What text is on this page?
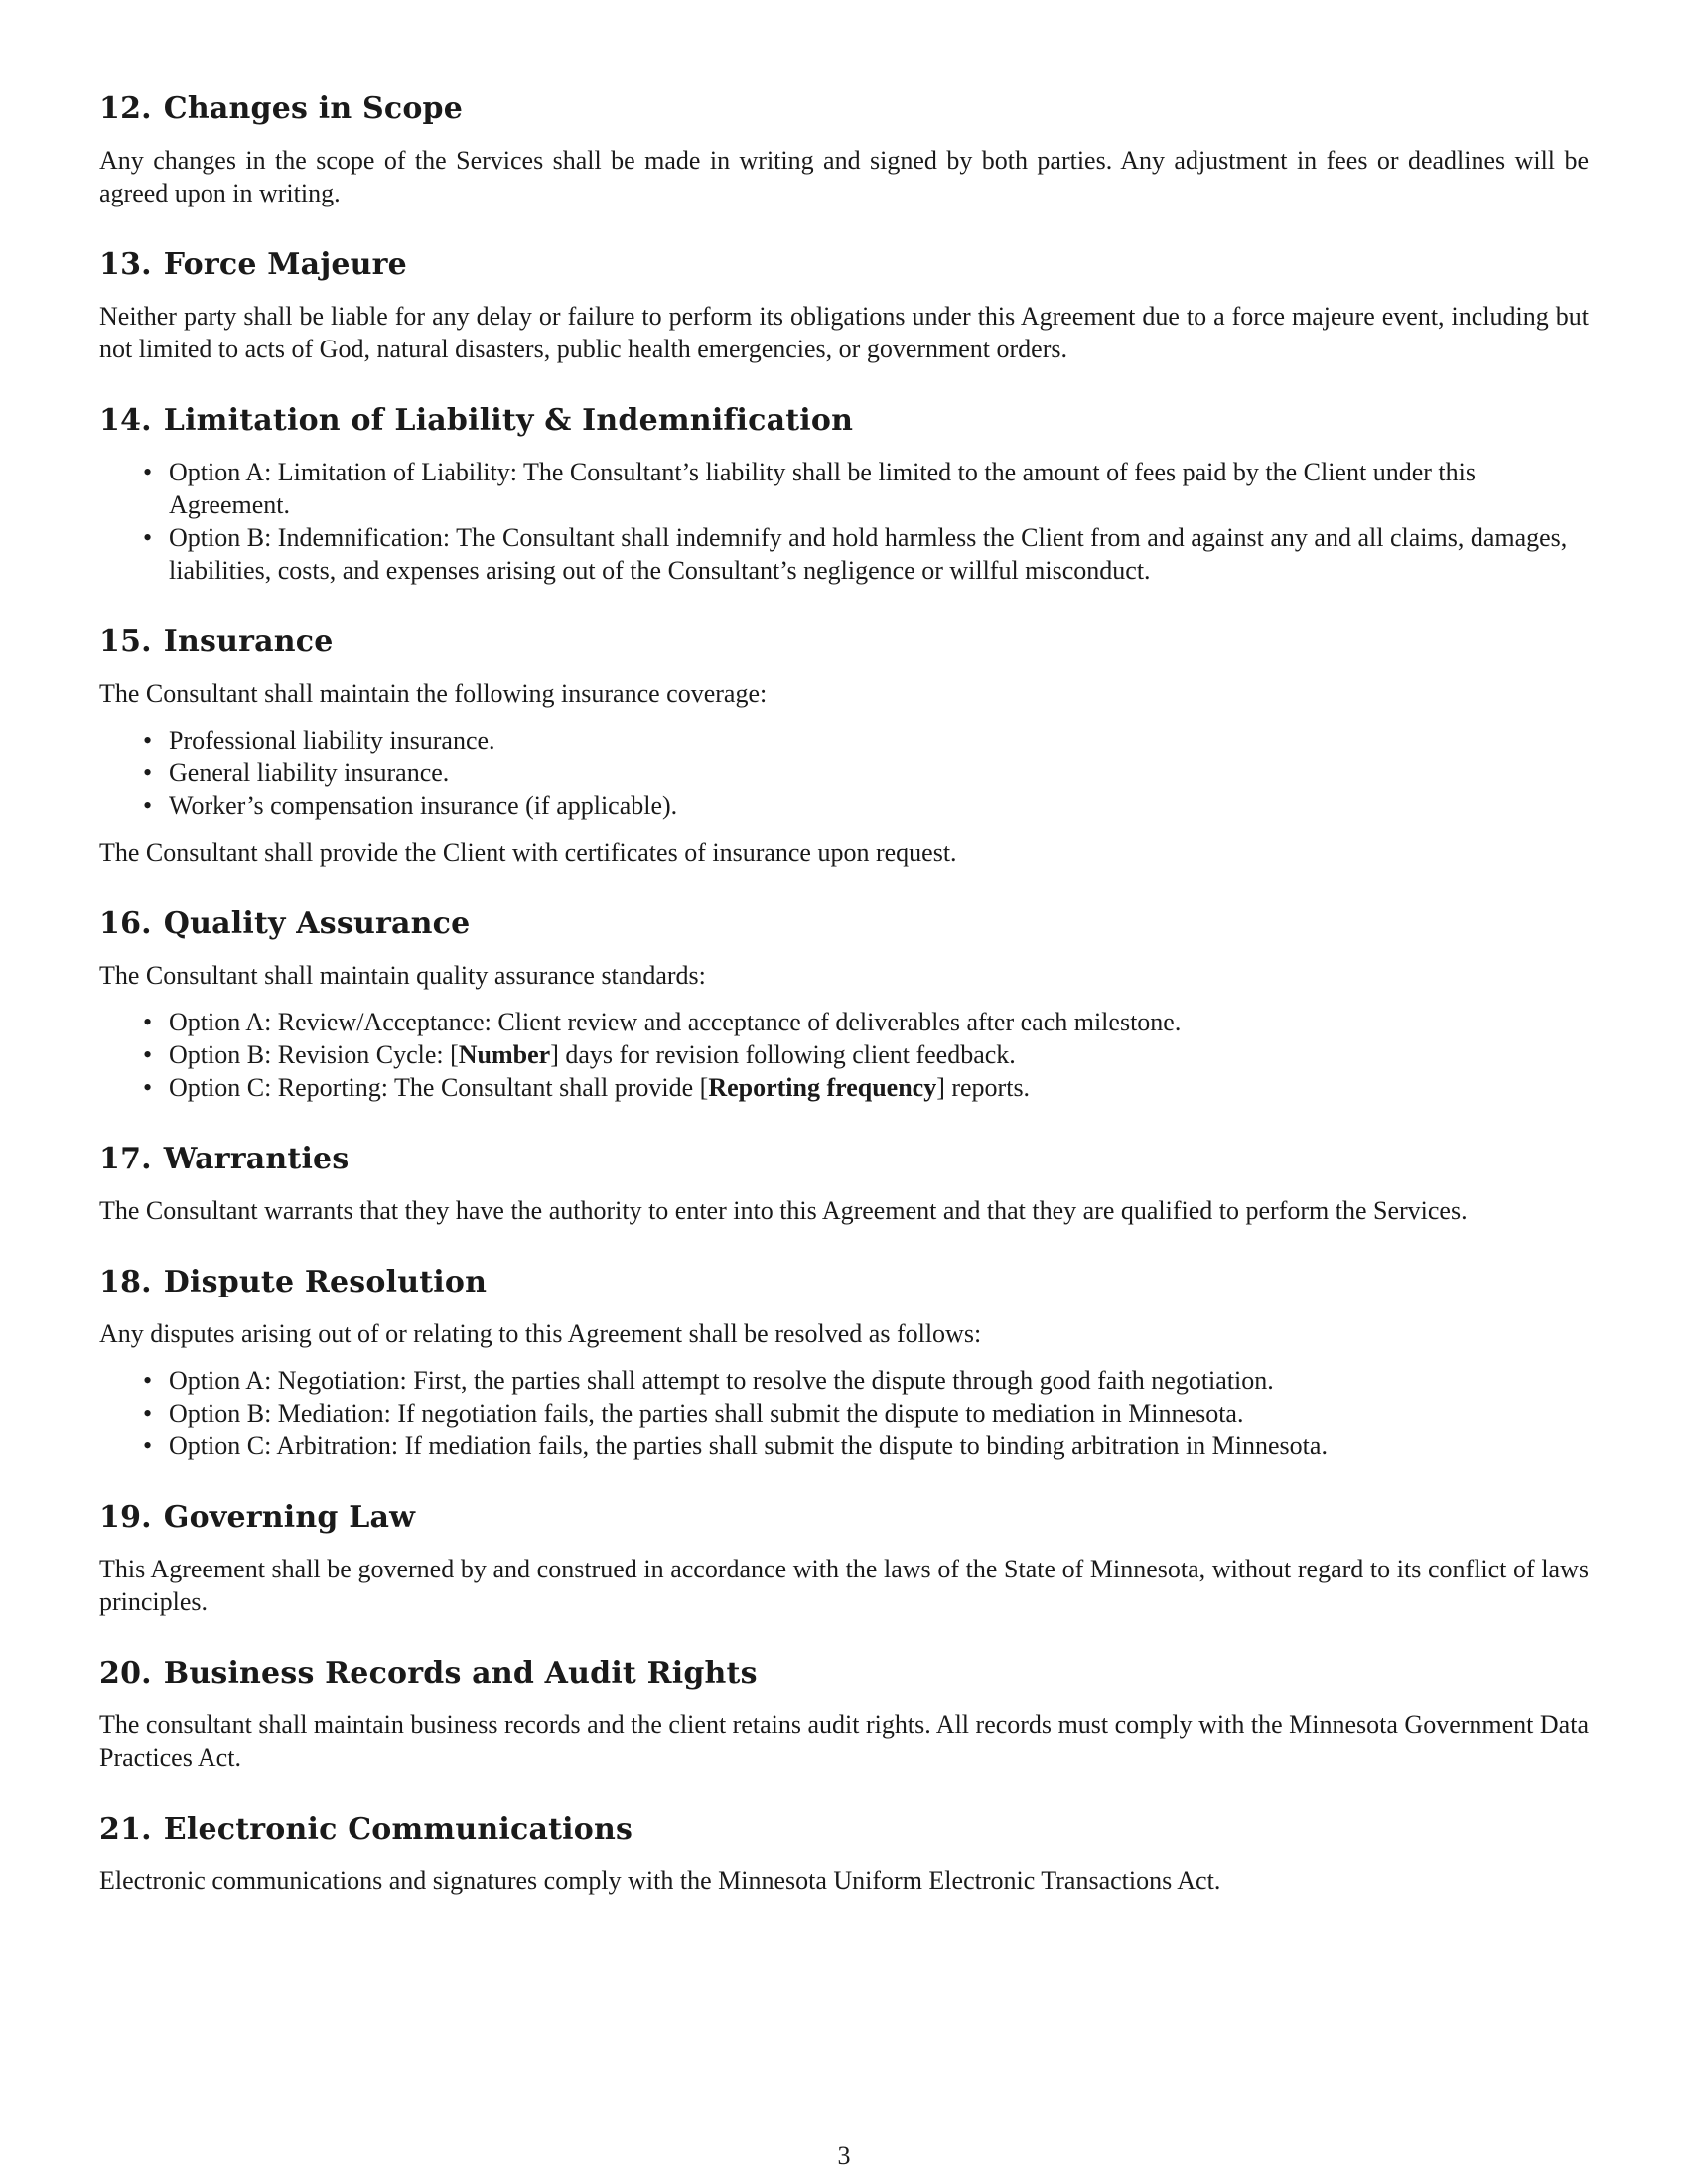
12. Changes in Scope

Any changes in the scope of the Services shall be made in writing and signed by both parties. Any adjustment in fees or deadlines will be agreed upon in writing.

13. Force Majeure

Neither party shall be liable for any delay or failure to perform its obligations under this Agreement due to a force majeure event, including but not limited to acts of God, natural disasters, public health emergencies, or government orders.

14. Limitation of Liability & Indemnification
• Option A: Limitation of Liability: The Consultant’s liability shall be limited to the amount of fees paid by the Client under this Agreement.
• Option B: Indemnification: The Consultant shall indemnify and hold harmless the Client from and against any and all claims, damages, liabilities, costs, and expenses arising out of the Consultant’s negligence or willful misconduct.
15. Insurance

The Consultant shall maintain the following insurance coverage:

• Professional liability insurance.
• General liability insurance.
• Worker’s compensation insurance (if applicable).

The Consultant shall provide the Client with certificates of insurance upon request.

16. Quality Assurance

The Consultant shall maintain quality assurance standards:

• Option A: Review/Acceptance: Client review and acceptance of deliverables after each milestone.
• Option B: Revision Cycle: [Number] days for revision following client feedback.
• Option C: Reporting: The Consultant shall provide [Reporting frequency] reports.
17. Warranties

The Consultant warrants that they have the authority to enter into this Agreement and that they are qualified to perform the Services.

18. Dispute Resolution

Any disputes arising out of or relating to this Agreement shall be resolved as follows:

• Option A: Negotiation: First, the parties shall attempt to resolve the dispute through good faith negotiation.
• Option B: Mediation: If negotiation fails, the parties shall submit the dispute to mediation in Minnesota.
• Option C: Arbitration: If mediation fails, the parties shall submit the dispute to binding arbitration in Minnesota.
19. Governing Law

This Agreement shall be governed by and construed in accordance with the laws of the State of Minnesota, without regard to its conflict of laws principles.

20. Business Records and Audit Rights

The consultant shall maintain business records and the client retains audit rights. All records must comply with the Minnesota Government Data Practices Act.

21. Electronic Communications

Electronic communications and signatures comply with the Minnesota Uniform Electronic Transactions Act.

3
